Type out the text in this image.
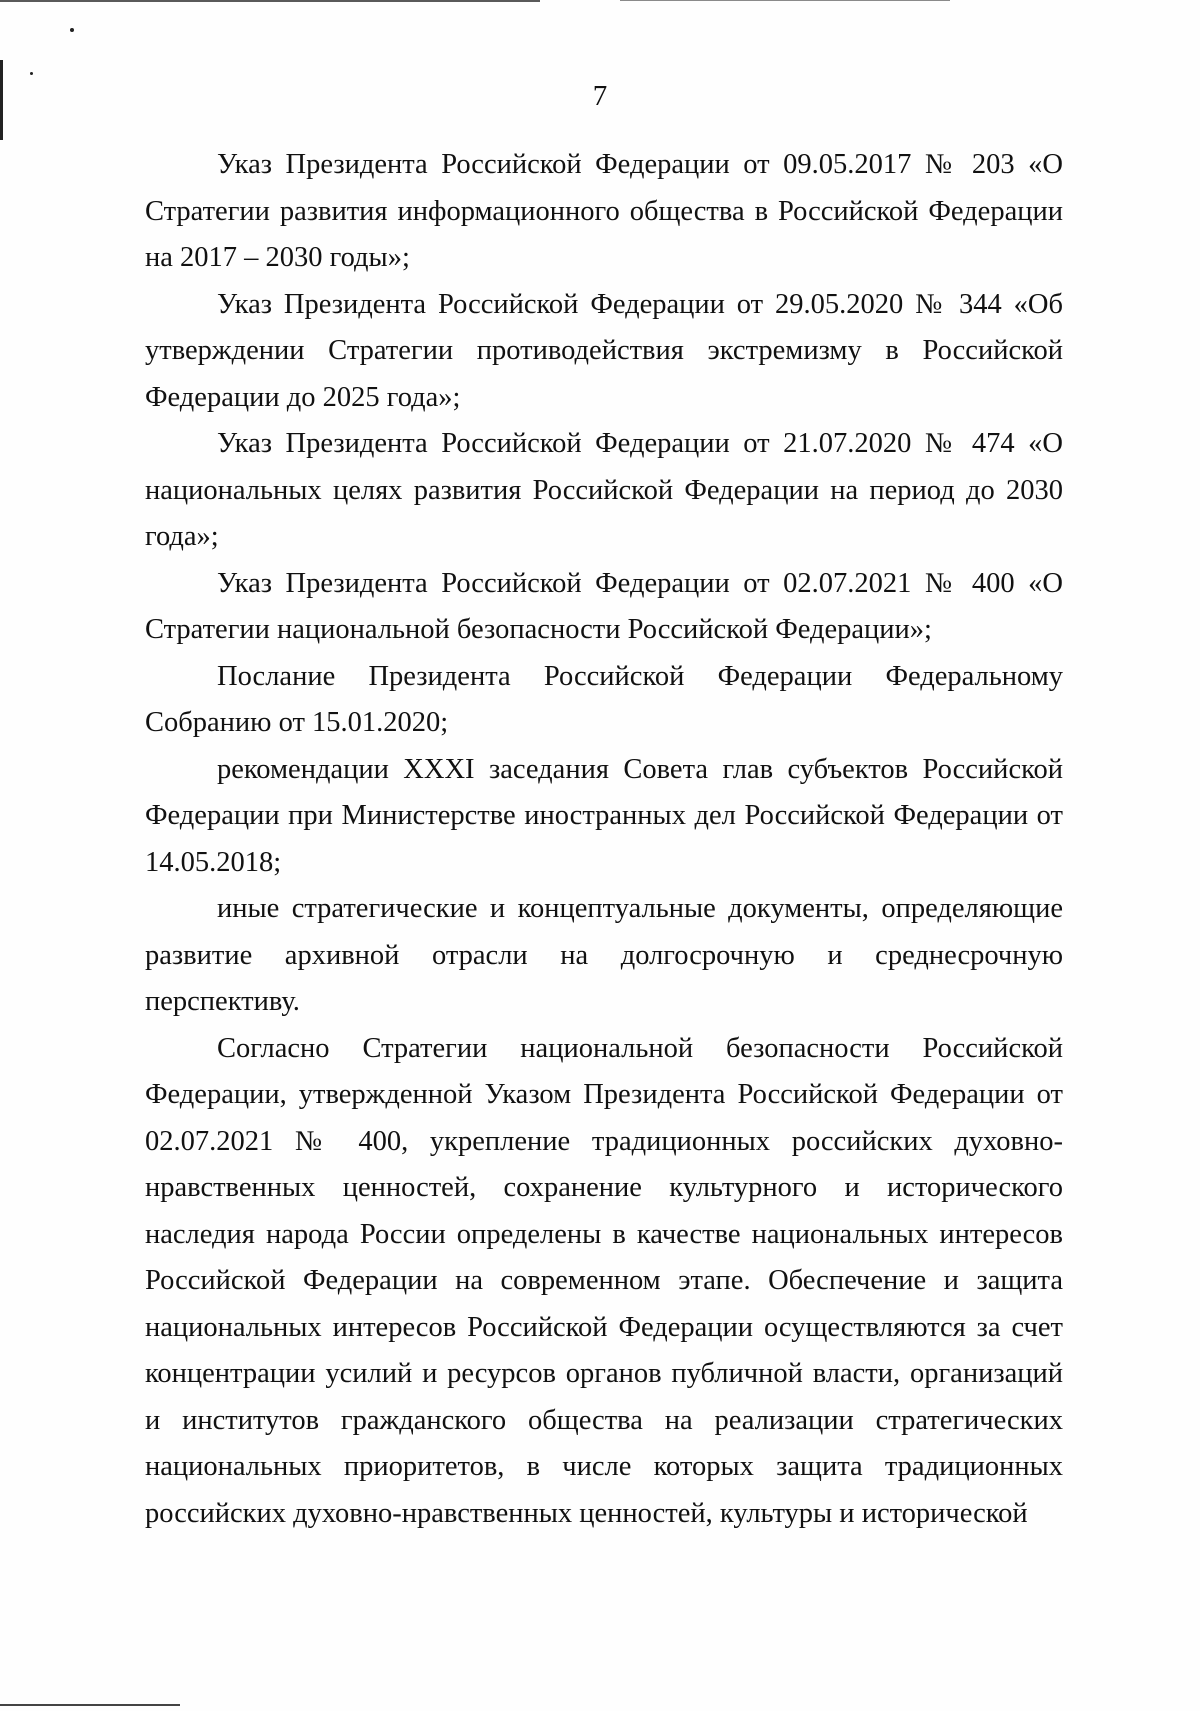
7

Указ Президента Российской Федерации от 09.05.2017 № 203 «О Стратегии развития информационного общества в Российской Федерации на 2017 – 2030 годы»;

Указ Президента Российской Федерации от 29.05.2020 № 344 «Об утверждении Стратегии противодействия экстремизму в Российской Федерации до 2025 года»;

Указ Президента Российской Федерации от 21.07.2020 № 474 «О национальных целях развития Российской Федерации на период до 2030 года»;

Указ Президента Российской Федерации от 02.07.2021 № 400 «О Стратегии национальной безопасности Российской Федерации»;

Послание Президента Российской Федерации Федеральному Собранию от 15.01.2020;

рекомендации XXXI заседания Совета глав субъектов Российской Федерации при Министерстве иностранных дел Российской Федерации от 14.05.2018;

иные стратегические и концептуальные документы, определяющие развитие архивной отрасли на долгосрочную и среднесрочную перспективу.

Согласно Стратегии национальной безопасности Российской Федерации, утвержденной Указом Президента Российской Федерации от 02.07.2021 № 400, укрепление традиционных российских духовно-нравственных ценностей, сохранение культурного и исторического наследия народа России определены в качестве национальных интересов Российской Федерации на современном этапе. Обеспечение и защита национальных интересов Российской Федерации осуществляются за счет концентрации усилий и ресурсов органов публичной власти, организаций и институтов гражданского общества на реализации стратегических национальных приоритетов, в числе которых защита традиционных российских духовно-нравственных ценностей, культуры и исторической
